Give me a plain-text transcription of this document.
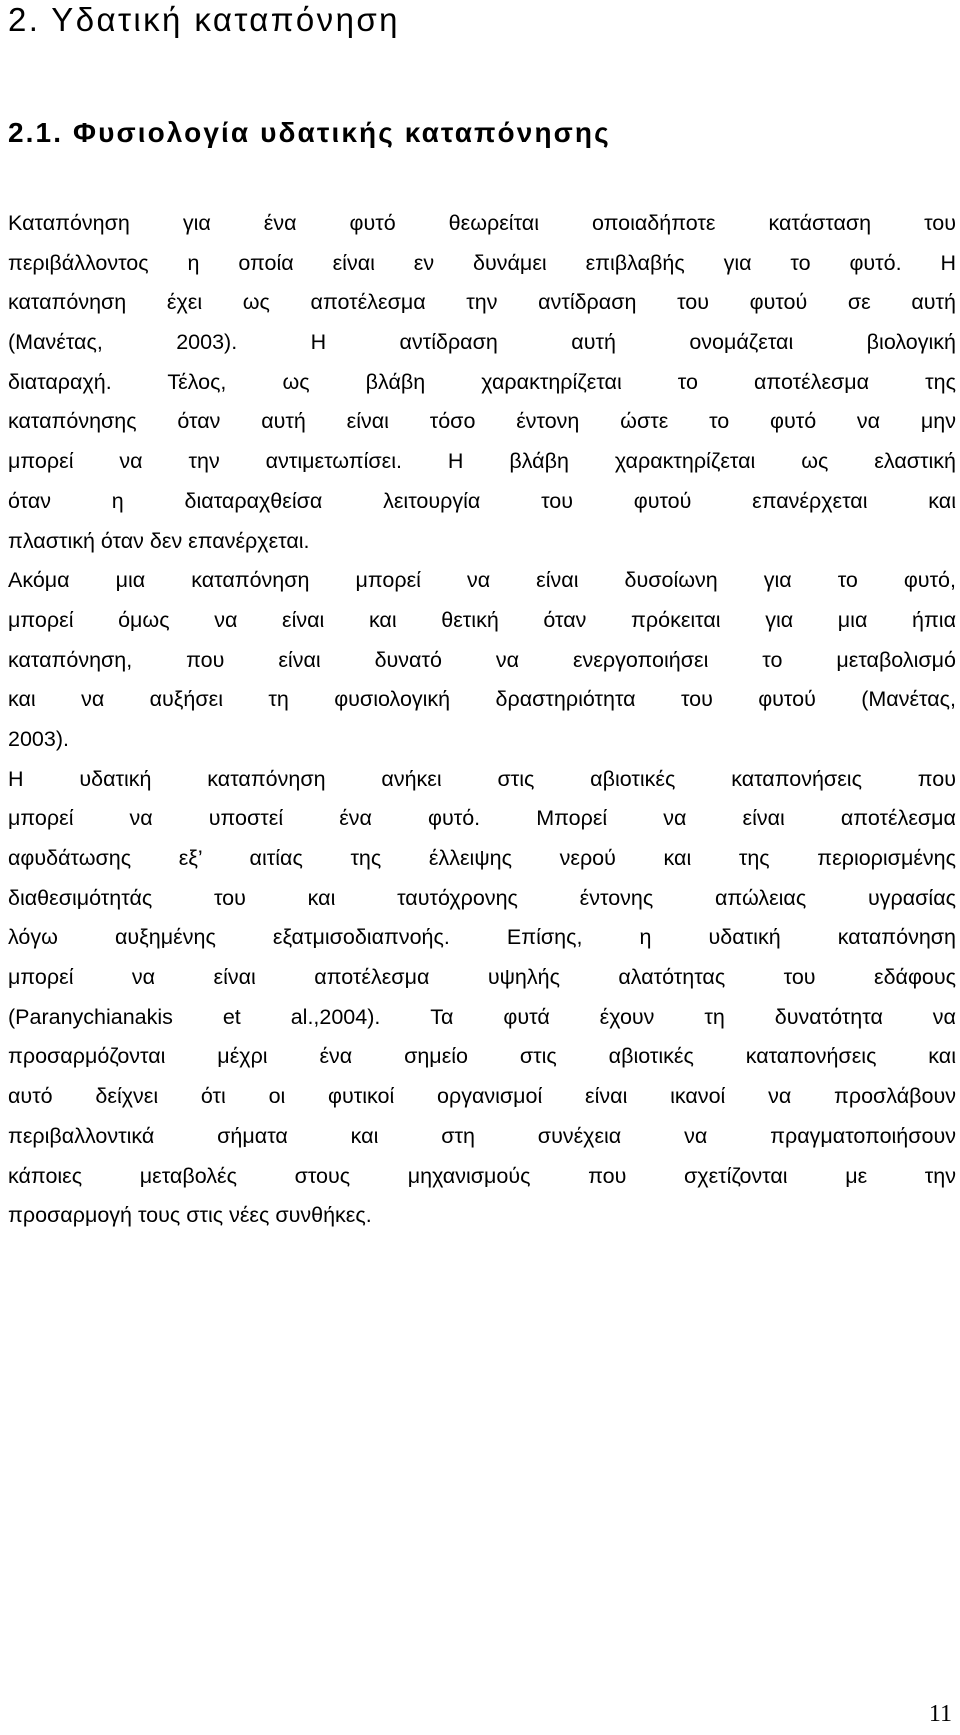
2. Υδατική καταπόνηση
2.1. Φυσιολογία υδατικής καταπόνησης
Καταπόνηση για ένα φυτό θεωρείται οποιαδήποτε κατάσταση του
περιβάλλοντος η οποία είναι εν δυνάμει επιβλαβής για το φυτό. Η
καταπόνηση έχει ως αποτέλεσμα την αντίδραση του φυτού σε αυτή
(Μανέτας, 2003). Η αντίδραση αυτή ονομάζεται βιολογική
διαταραχή. Τέλος, ως βλάβη χαρακτηρίζεται το αποτέλεσμα της
καταπόνησης όταν αυτή είναι τόσο έντονη ώστε το φυτό να μην
μπορεί να την αντιμετωπίσει. Η βλάβη χαρακτηρίζεται ως ελαστική
όταν η διαταραχθείσα λειτουργία του φυτού επανέρχεται και
πλαστική όταν δεν επανέρχεται.
Ακόμα μια καταπόνηση μπορεί να είναι δυσοίωνη για το φυτό,
μπορεί όμως να είναι και θετική όταν πρόκειται για μια ήπια
καταπόνηση, που είναι δυνατό να ενεργοποιήσει το μεταβολισμό
και να αυξήσει τη φυσιολογική δραστηριότητα του φυτού (Μανέτας,
2003).
Η υδατική καταπόνηση ανήκει στις αβιοτικές καταπονήσεις που
μπορεί να υποστεί ένα φυτό. Μπορεί να είναι αποτέλεσμα
αφυδάτωσης εξ’ αιτίας της έλλειψης νερού και της περιορισμένης
διαθεσιμότητάς του και ταυτόχρονης έντονης απώλειας υγρασίας
λόγω αυξημένης εξατμισοδιαπνοής. Επίσης, η υδατική καταπόνηση
μπορεί να είναι αποτέλεσμα υψηλής αλατότητας του εδάφους
(Paranychianakis et al.,2004). Τα φυτά έχουν τη δυνατότητα να
προσαρμόζονται μέχρι ένα σημείο στις αβιοτικές καταπονήσεις και
αυτό δείχνει ότι οι φυτικοί οργανισμοί είναι ικανοί να προσλάβουν
περιβαλλοντικά σήματα και στη συνέχεια να πραγματοποιήσουν
κάποιες μεταβολές στους μηχανισμούς που σχετίζονται με την
προσαρμογή τους στις νέες συνθήκες.
11
